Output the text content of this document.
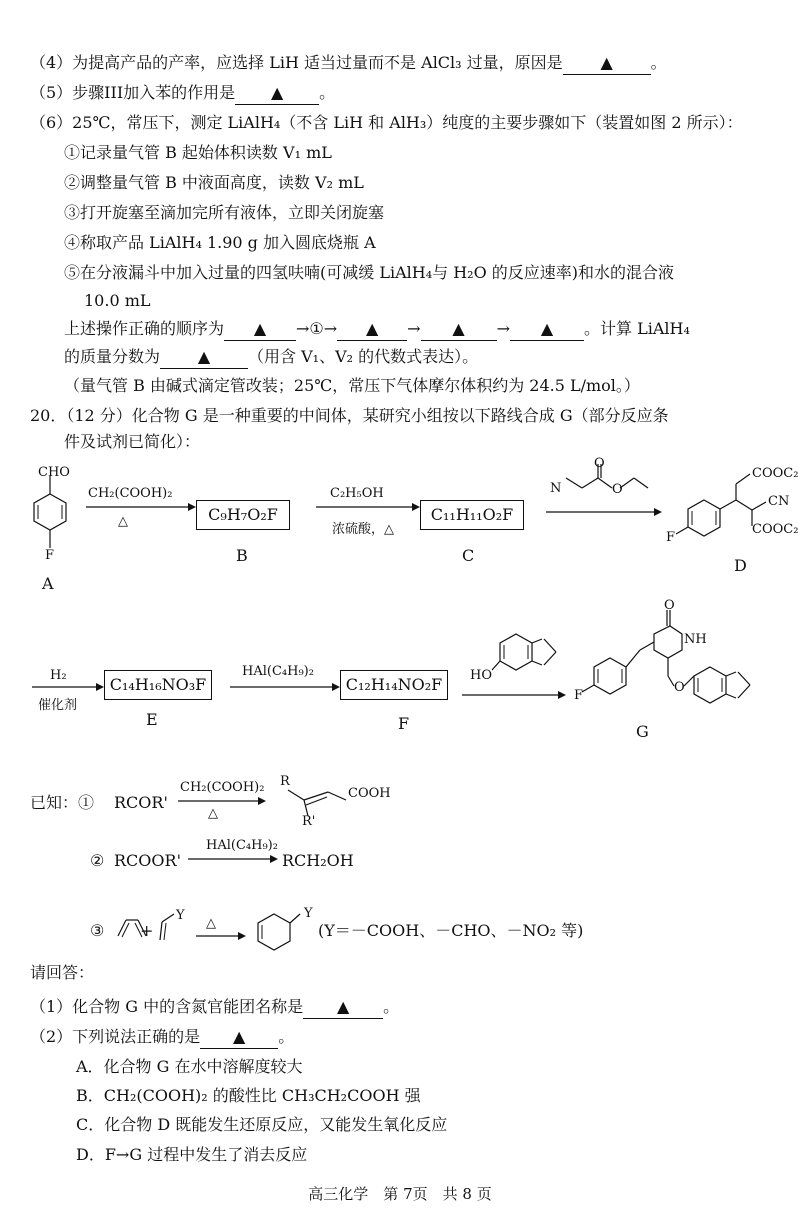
（4）为提高产品的产率，应选择 LiH 适当过量而不是 AlCl₃ 过量，原因是 ▲ 。
（5）步骤III加入苯的作用是 ▲ 。
（6）25℃，常压下，测定 LiAlH₄（不含 LiH 和 AlH₃）纯度的主要步骤如下（装置如图 2 所示）：
①记录量气管 B 起始体积读数 V₁ mL
②调整量气管 B 中液面高度，读数 V₂ mL
③打开旋塞至滴加完所有液体，立即关闭旋塞
④称取产品 LiAlH₄ 1.90 g 加入圆底烧瓶 A
⑤在分液漏斗中加入过量的四氢呋喃(可减缓 LiAlH₄与 H₂O 的反应速率)和水的混合液
10.0 mL
上述操作正确的顺序为 ▲ →①→ ▲ → ▲ → ▲ 。计算 LiAlH₄
的质量分数为 ▲ （用含 V₁、V₂ 的代数式表达）。
（量气管 B 由碱式滴定管改装；25℃，常压下气体摩尔体积约为 24.5 L/mol。）
20．（12 分）化合物 G 是一种重要的中间体，某研究小组按以下路线合成 G（部分反应条
件及试剂已简化）：
CHO
F
A
CH₂(COOH)₂
△	C₉H₇O₂F
B
C₂H₅OH
浓硫酸，△
C₁₁H₁₁O₂F
C
N
O
O
COOC₂
CN
COOC₂
F
D
H₂
催化剂
C₁₄H₁₆NO₃F
E
HAl(C₄H₉)₂
C₁₂H₁₄NO₂F
F
HO
O
NH
F
O
G
已知：① RCOR'
CH₂(COOH)₂
△
R
R'
COOH
② RCOOR'
HAl(C₄H₉)₂
RCH₂OH
③ +
Y
△
Y
(Y＝－COOH、－CHO、－NO₂ 等)
请回答：
（1）化合物 G 中的含氮官能团名称是 ▲ 。
（2）下列说法正确的是 ▲ 。
A．化合物 G 在水中溶解度较大
B．CH₂(COOH)₂ 的酸性比 CH₃CH₂COOH 强
C．化合物 D 既能发生还原反应，又能发生氧化反应
D．F→G 过程中发生了消去反应
高三化学　第 7页　共 8 页
